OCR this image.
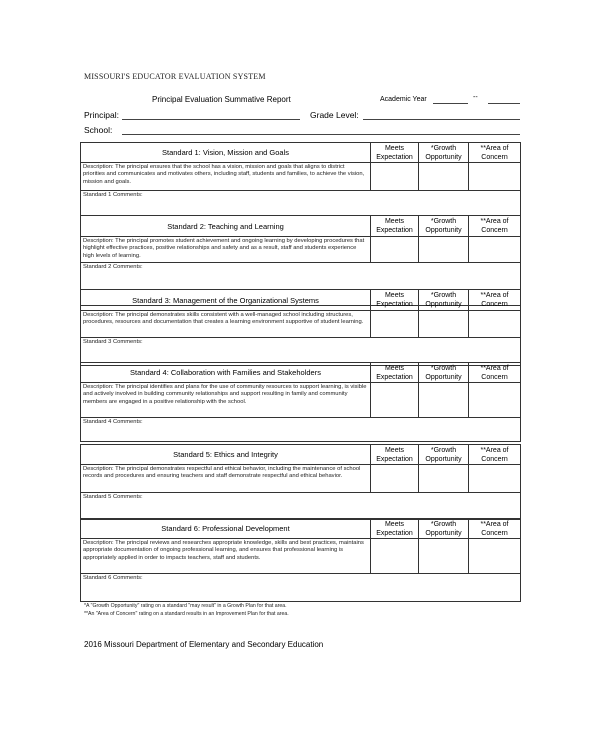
MISSOURI'S EDUCATOR EVALUATION SYSTEM
Principal Evaluation Summative Report	Academic Year	--
Principal:	Grade Level:
School:
Standard 1: Vision, Mission and Goals	Meets Expectation	*Growth Opportunity	**Area of Concern
Description: The principal ensures that the school has a vision, mission and goals that aligns to district priorities and communicates and motivates others, including staff, students and families, to achieve the vision, mission and goals.			
Standard 1 Comments:			
Standard 2: Teaching and Learning	Meets Expectation	*Growth Opportunity	**Area of Concern
Description: The principal promotes student achievement and ongoing learning by developing procedures that highlight effective practices, positive relationships and safety and as a result, staff and students experience high levels of learning.			
Standard 2 Comments:			
Standard 3: Management of the Organizational Systems	Meets Expectation	*Growth Opportunity	**Area of Concern
Description: The principal demonstrates skills consistent with a well-managed school including structures, procedures, resources and documentation that creates a learning environment supportive of student learning.			
Standard 3 Comments:			
Standard 4: Collaboration with Families and Stakeholders	Meets Expectation	*Growth Opportunity	**Area of Concern
Description: The principal identifies and plans for the use of community resources to support learning, is visible and actively involved in building community relationships and support resulting in family and community members are engaged in a positive relationship with the school.			
Standard 4 Comments:			
Standard 5: Ethics and Integrity	Meets Expectation	*Growth Opportunity	**Area of Concern
Description: The principal demonstrates respectful and ethical behavior, including the maintenance of school records and procedures and ensuring teachers and staff demonstrate respectful and ethical behavior.			
Standard 5 Comments:			
Standard 6: Professional Development	Meets Expectation	*Growth Opportunity	**Area of Concern
Description: The principal reviews and researches appropriate knowledge, skills and best practices, maintains appropriate documentation of ongoing professional learning, and ensures that professional learning is appropriately applied in order to impacts teachers, staff and students.			
Standard 6 Comments:			
*A "Growth Opportunity" rating on a standard "may result" in a Growth Plan for that area.
**An "Area of Concern" rating on a standard results in an Improvement Plan for that area.
2016 Missouri Department of Elementary and Secondary Education
